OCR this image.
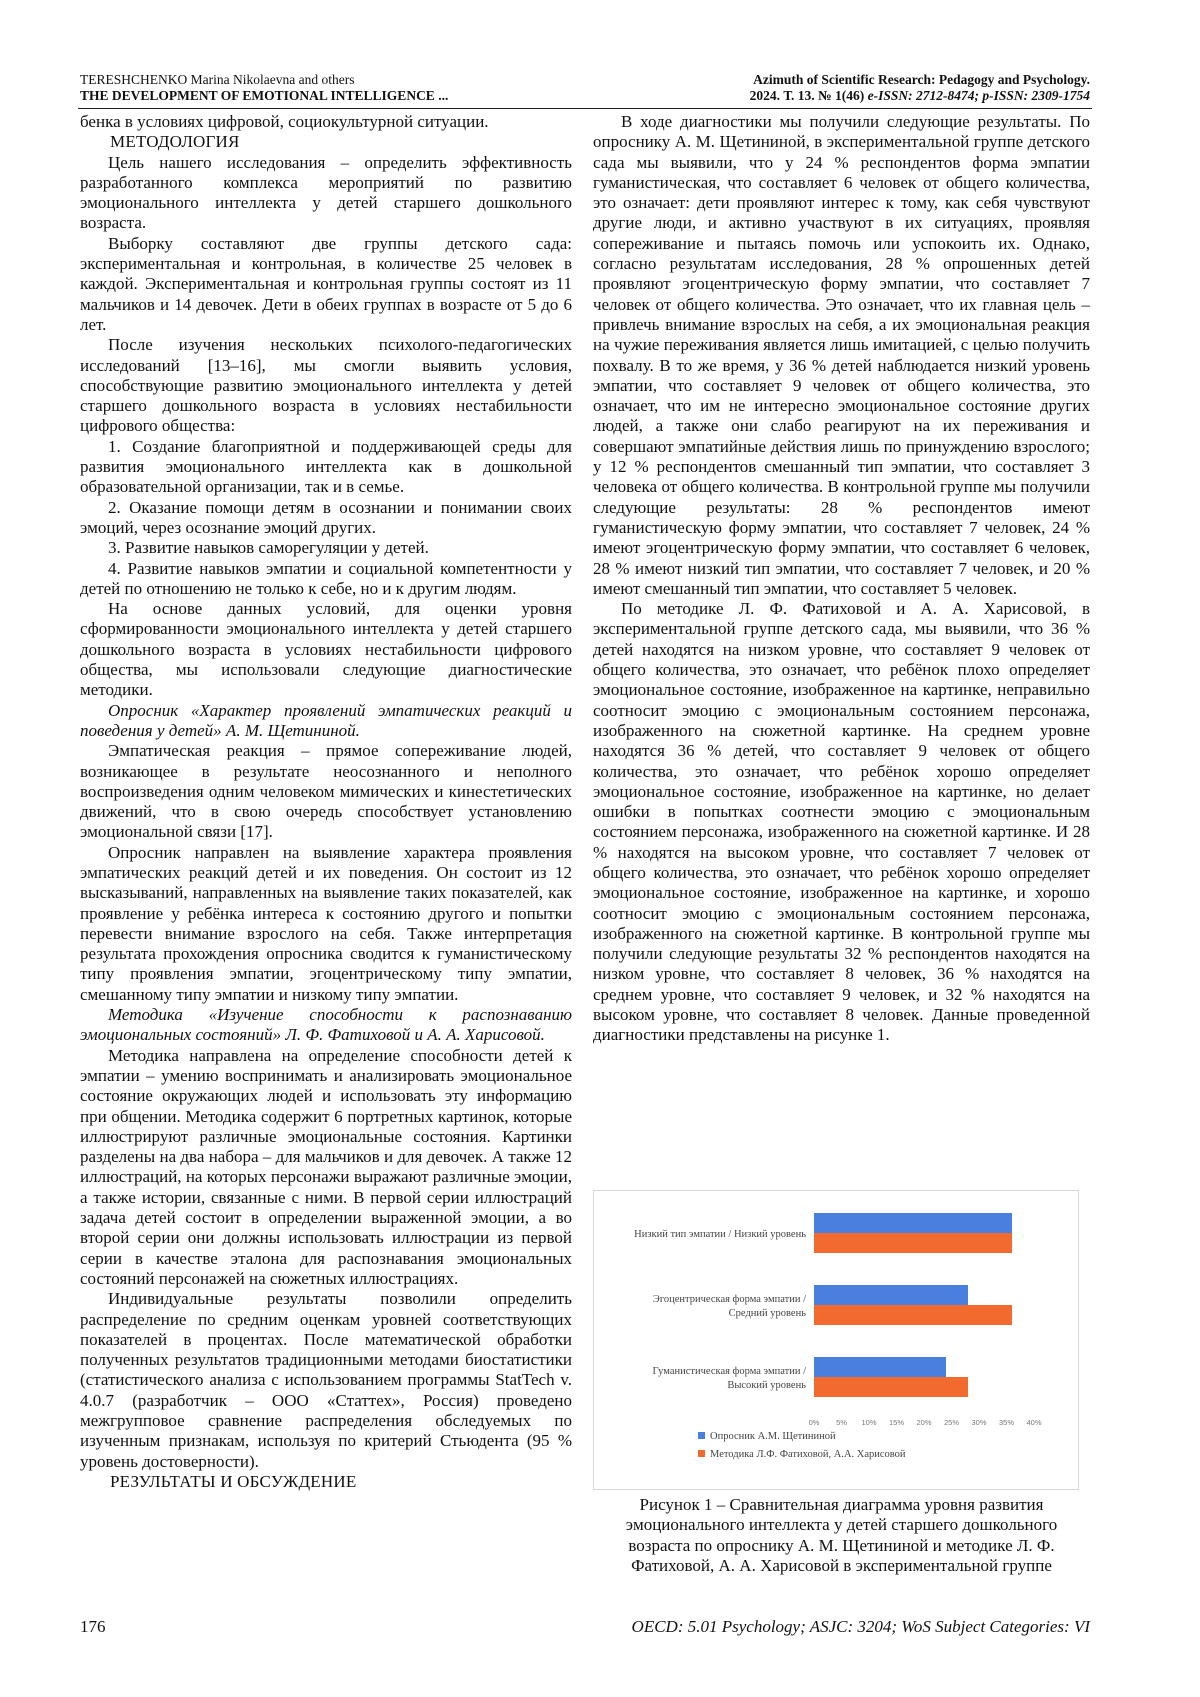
TERESHCHENKO Marina Nikolaevna and others
THE DEVELOPMENT OF EMOTIONAL INTELLIGENCE ...
Azimuth of Scientific Research: Pedagogy and Psychology.
2024. Т. 13. № 1(46) e-ISSN: 2712-8474; p-ISSN: 2309-1754

бенка в условиях цифровой, социокультурной ситуации.

МЕТОДОЛОГИЯ

Цель нашего исследования – определить эффективность разработанного комплекса мероприятий по развитию эмоционального интеллекта у детей старшего дошкольного возраста.

Выборку составляют две группы детского сада: экспериментальная и контрольная, в количестве 25 человек в каждой. Экспериментальная и контрольная группы состоят из 11 мальчиков и 14 девочек. Дети в обеих группах в возрасте от 5 до 6 лет.

После изучения нескольких психолого-педагогических исследований [13–16], мы смогли выявить условия, способствующие развитию эмоционального интеллекта у детей старшего дошкольного возраста в условиях нестабильности цифрового общества:

1. Создание благоприятной и поддерживающей среды для развития эмоционального интеллекта как в дошкольной образовательной организации, так и в семье.

2. Оказание помощи детям в осознании и понимании своих эмоций, через осознание эмоций других.

3. Развитие навыков саморегуляции у детей.

4. Развитие навыков эмпатии и социальной компетентности у детей по отношению не только к себе, но и к другим людям.

На основе данных условий, для оценки уровня сформированности эмоционального интеллекта у детей старшего дошкольного возраста в условиях нестабильности цифрового общества, мы использовали следующие диагностические методики.

Опросник «Характер проявлений эмпатических реакций и поведения у детей» А. М. Щетининой.

Эмпатическая реакция – прямое сопереживание людей, возникающее в результате неосознанного и неполного воспроизведения одним человеком мимических и кинестетических движений, что в свою очередь способствует установлению эмоциональной связи [17].

Опросник направлен на выявление характера проявления эмпатических реакций детей и их поведения. Он состоит из 12 высказываний, направленных на выявление таких показателей, как проявление у ребёнка интереса к состоянию другого и попытки перевести внимание взрослого на себя. Также интерпретация результата прохождения опросника сводится к гуманистическому типу проявления эмпатии, эгоцентрическому типу эмпатии, смешанному типу эмпатии и низкому типу эмпатии.

Методика «Изучение способности к распознаванию эмоциональных состояний» Л. Ф. Фатиховой и А. А. Харисовой.

Методика направлена на определение способности детей к эмпатии – умению воспринимать и анализировать эмоциональное состояние окружающих людей и использовать эту информацию при общении. Методика содержит 6 портретных картинок, которые иллюстрируют различные эмоциональные состояния. Картинки разделены на два набора – для мальчиков и для девочек. А также 12 иллюстраций, на которых персонажи выражают различные эмоции, а также истории, связанные с ними. В первой серии иллюстраций задача детей состоит в определении выраженной эмоции, а во второй серии они должны использовать иллюстрации из первой серии в качестве эталона для распознавания эмоциональных состояний персонажей на сюжетных иллюстрациях.

Индивидуальные результаты позволили определить распределение по средним оценкам уровней соответствующих показателей в процентах. После математической обработки полученных результатов традиционными методами биостатистики (статистического анализа с использованием программы StatTech v. 4.0.7 (разработчик – ООО «Статтех», Россия) проведено межгрупповое сравнение распределения обследуемых по изученным признакам, используя по критерий Стьюдента (95 % уровень достоверности).

РЕЗУЛЬТАТЫ И ОБСУЖДЕНИЕ

В ходе диагностики мы получили следующие результаты. По опроснику А. М. Щетининой, в экспериментальной группе детского сада мы выявили, что у 24 % респондентов форма эмпатии гуманистическая, что составляет 6 человек от общего количества, это означает: дети проявляют интерес к тому, как себя чувствуют другие люди, и активно участвуют в их ситуациях, проявляя сопереживание и пытаясь помочь или успокоить их. Однако, согласно результатам исследования, 28 % опрошенных детей проявляют эгоцентрическую форму эмпатии, что составляет 7 человек от общего количества. Это означает, что их главная цель – привлечь внимание взрослых на себя, а их эмоциональная реакция на чужие переживания является лишь имитацией, с целью получить похвалу. В то же время, у 36 % детей наблюдается низкий уровень эмпатии, что составляет 9 человек от общего количества, это означает, что им не интересно эмоциональное состояние других людей, а также они слабо реагируют на их переживания и совершают эмпатийные действия лишь по принуждению взрослого; у 12 % респондентов смешанный тип эмпатии, что составляет 3 человека от общего количества. В контрольной группе мы получили следующие результаты: 28 % респондентов имеют гуманистическую форму эмпатии, что составляет 7 человек, 24 % имеют эгоцентрическую форму эмпатии, что составляет 6 человек, 28 % имеют низкий тип эмпатии, что составляет 7 человек, и 20 % имеют смешанный тип эмпатии, что составляет 5 человек.

По методике Л. Ф. Фатиховой и А. А. Харисовой, в экспериментальной группе детского сада, мы выявили, что 36 % детей находятся на низком уровне, что составляет 9 человек от общего количества, это означает, что ребёнок плохо определяет эмоциональное состояние, изображенное на картинке, неправильно соотносит эмоцию с эмоциональным состоянием персонажа, изображенного на сюжетной картинке. На среднем уровне находятся 36 % детей, что составляет 9 человек от общего количества, это означает, что ребёнок хорошо определяет эмоциональное состояние, изображенное на картинке, но делает ошибки в попытках соотнести эмоцию с эмоциональным состоянием персонажа, изображенного на сюжетной картинке. И 28 % находятся на высоком уровне, что составляет 7 человек от общего количества, это означает, что ребёнок хорошо определяет эмоциональное состояние, изображенное на картинке, и хорошо соотносит эмоцию с эмоциональным состоянием персонажа, изображенного на сюжетной картинке. В контрольной группе мы получили следующие результаты 32 % респондентов находятся на низком уровне, что составляет 8 человек, 36 % находятся на среднем уровне, что составляет 9 человек, и 32 % находятся на высоком уровне, что составляет 8 человек. Данные проведенной диагностики представлены на рисунке 1.

Низкий тип эмпатии / Низкий уровень
Эгоцентрическая форма эмпатии /
Средний уровень
Гуманистическая форма эмпатии /
Высокий уровень
0% 5% 10% 15% 20% 25% 30% 35% 40%
Опросник А.М. Щетининой
Методика Л.Ф. Фатиховой, А.А. Харисовой
Рисунок 1 – Сравнительная диаграмма уровня развития эмоционального интеллекта у детей старшего дошкольного возраста по опроснику А. М. Щетининой и методике Л. Ф. Фатиховой, А. А. Харисовой в экспериментальной группе
176	OECD: 5.01 Psychology; ASJC: 3204; WoS Subject Categories: VI
